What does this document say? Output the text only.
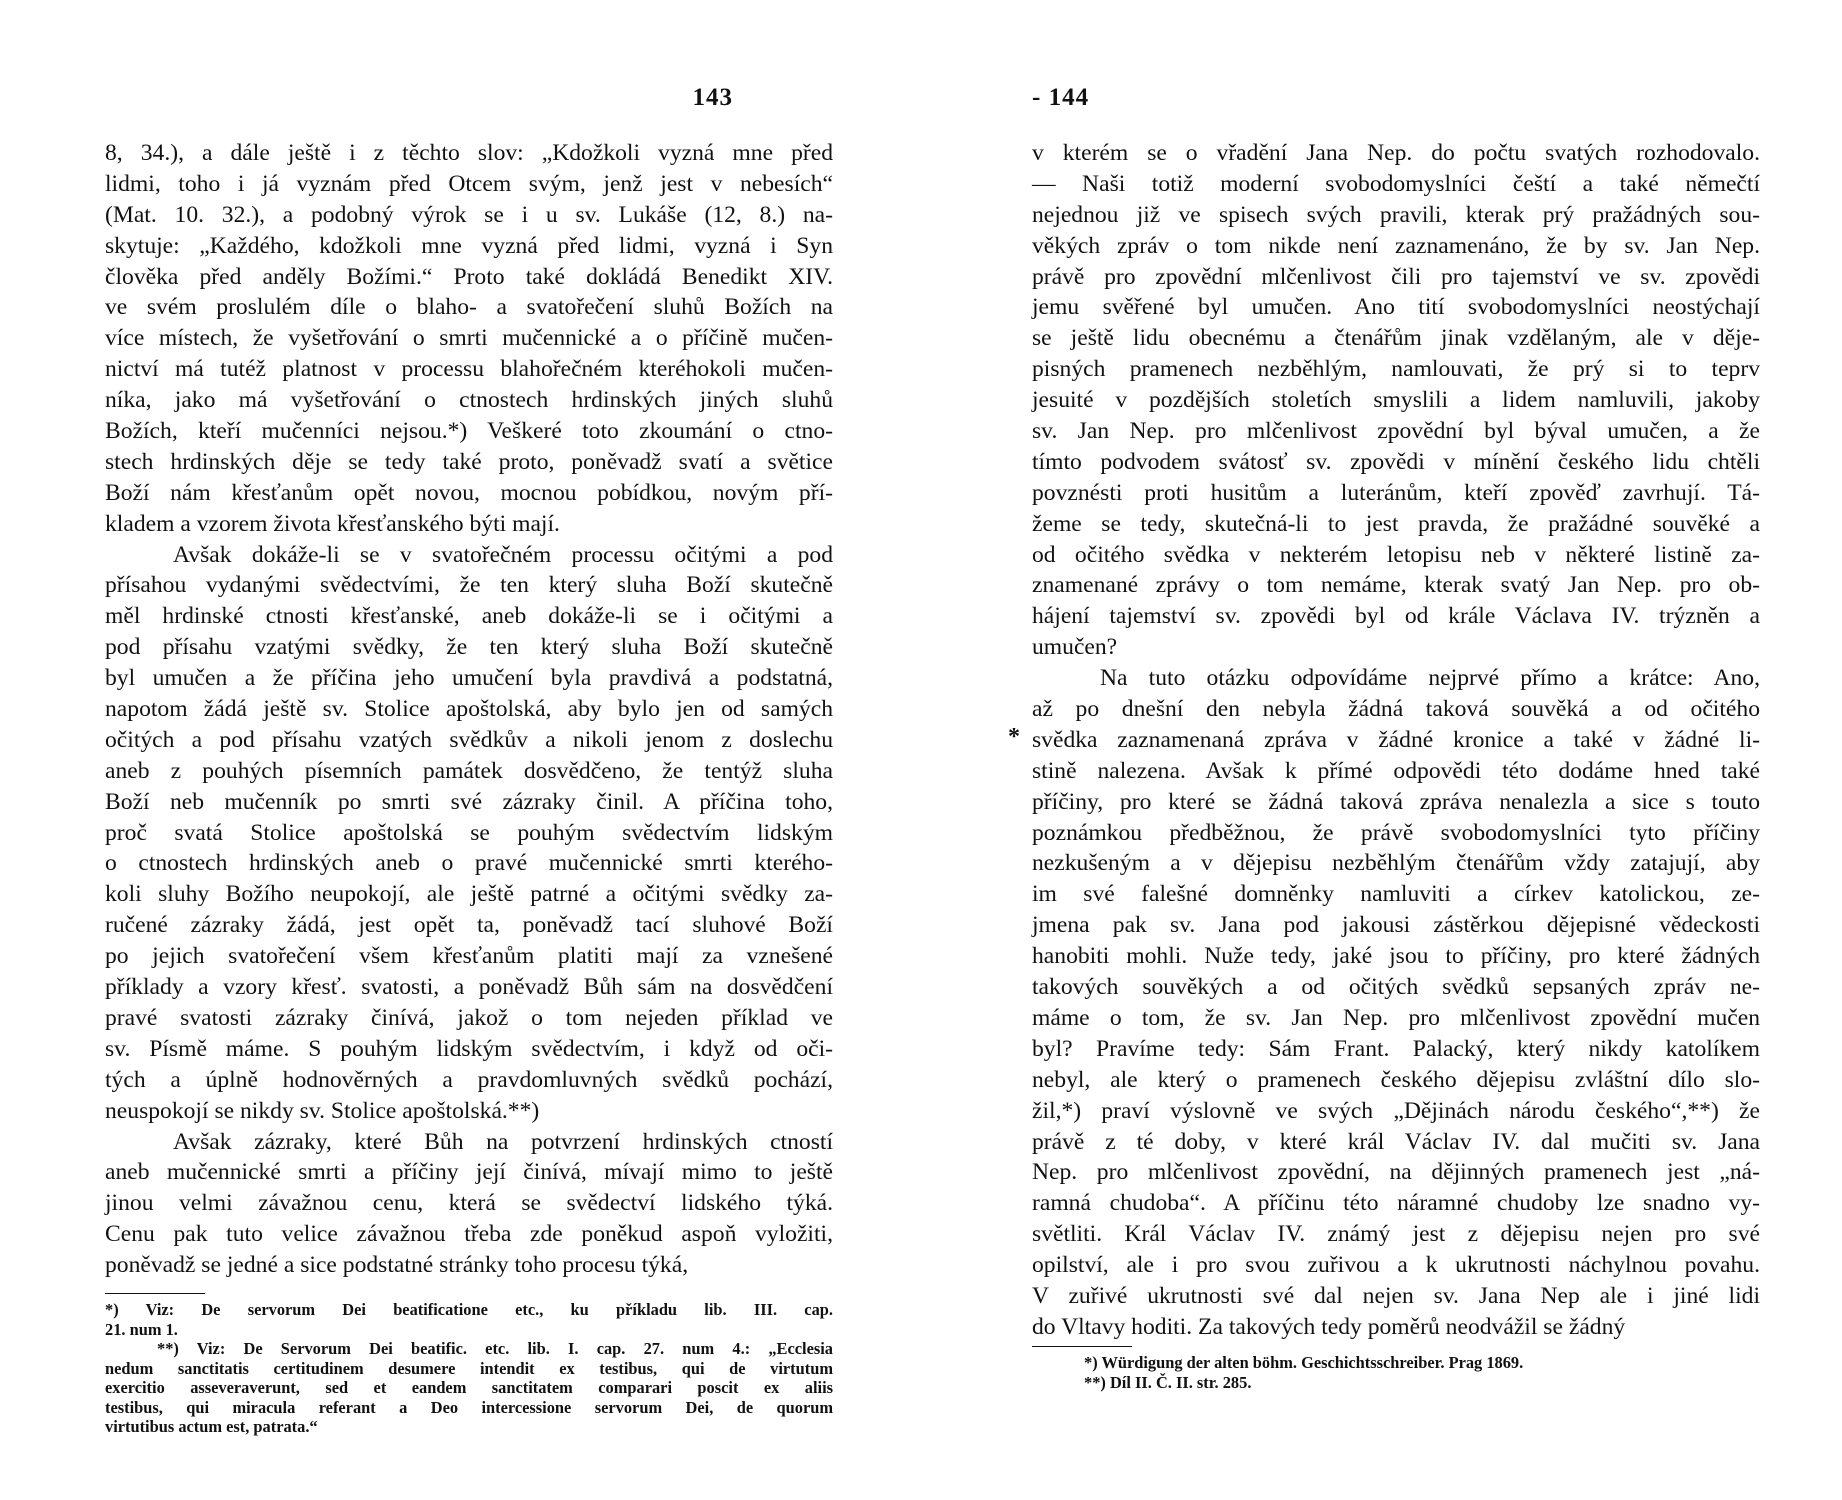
143
8, 34.), a dále ještě i z těchto slov: „Kdožkoli vyzná mne před
lidmi, toho i já vyznám před Otcem svým, jenž jest v nebesích“
(Mat. 10. 32.), a podobný výrok se i u sv. Lukáše (12, 8.) na-
skytuje: „Každého, kdožkoli mne vyzná před lidmi, vyzná i Syn
člověka před anděly Božími.“ Proto také dokládá Benedikt XIV.
ve svém proslulém díle o blaho- a svatořečení sluhů Božích na
více místech, že vyšetřování o smrti mučennické a o příčině mučen-
nictví má tutéž platnost v processu blahořečném kteréhokoli mučen-
níka, jako má vyšetřování o ctnostech hrdinských jiných sluhů
Božích, kteří mučenníci nejsou.*) Veškeré toto zkoumání o ctno-
stech hrdinských děje se tedy také proto, poněvadž svatí a světice
Boží nám křesťanům opět novou, mocnou pobídkou, novým pří-
kladem a vzorem života křesťanského býti mají.
Avšak dokáže-li se v svatořečném processu očitými a pod
přísahou vydanými svědectvími, že ten který sluha Boží skutečně
měl hrdinské ctnosti křesťanské, aneb dokáže-li se i očitými a
pod přísahu vzatými svědky, že ten který sluha Boží skutečně
byl umučen a že příčina jeho umučení byla pravdivá a podstatná,
napotom žádá ještě sv. Stolice apoštolská, aby bylo jen od samých
očitých a pod přísahu vzatých svědkův a nikoli jenom z doslechu
aneb z pouhých písemních památek dosvědčeno, že tentýž sluha
Boží neb mučenník po smrti své zázraky činil. A příčina toho,
proč svatá Stolice apoštolská se pouhým svědectvím lidským
o ctnostech hrdinských aneb o pravé mučennické smrti kterého-
koli sluhy Božího neupokojí, ale ještě patrné a očitými svědky za-
ručené zázraky žádá, jest opět ta, poněvadž tací sluhové Boží
po jejich svatořečení všem křesťanům platiti mají za vznešené
příklady a vzory křesť. svatosti, a poněvadž Bůh sám na dosvědčení
pravé svatosti zázraky činívá, jakož o tom nejeden příklad ve
sv. Písmě máme. S pouhým lidským svědectvím, i když od oči-
tých a úplně hodnověrných a pravdomluvných svědků pochází,
neuspokojí se nikdy sv. Stolice apoštolská.**)
Avšak zázraky, které Bůh na potvrzení hrdinských ctností
aneb mučennické smrti a příčiny její činívá, mívají mimo to ještě
jinou velmi závažnou cenu, která se svědectví lidského týká.
Cenu pak tuto velice závažnou třeba zde poněkud aspoň vyložiti,
poněvadž se jedné a sice podstatné stránky toho procesu týká,
*) Viz: De servorum Dei beatificatione etc., ku příkladu lib. III. cap.
21. num 1.
**) Viz: De Servorum Dei beatific. etc. lib. I. cap. 27. num 4.: „Ecclesia
nedum sanctitatis certitudinem desumere intendit ex testibus, qui de virtutum
exercitio asseveraverunt, sed et eandem sanctitatem comparari poscit ex aliis
testibus, qui miracula referant a Deo intercessione servorum Dei, de quorum
virtutibus actum est, patrata.“
*
- 144
v kterém se o vřadění Jana Nep. do počtu svatých rozhodovalo.
— Naši totiž moderní svobodomyslníci čeští a také němečtí
nejednou již ve spisech svých pravili, kterak prý pražádných sou-
věkých zpráv o tom nikde není zaznamenáno, že by sv. Jan Nep.
právě pro zpovědní mlčenlivost čili pro tajemství ve sv. zpovědi
jemu svěřené byl umučen. Ano tití svobodomyslníci neostýchají
se ještě lidu obecnému a čtenářům jinak vzdělaným, ale v děje-
pisných pramenech nezběhlým, namlouvati, že prý si to teprv
jesuité v pozdějších stoletích smyslili a lidem namluvili, jakoby
sv. Jan Nep. pro mlčenlivost zpovědní byl býval umučen, a že
tímto podvodem svátosť sv. zpovědi v mínění českého lidu chtěli
povznésti proti husitům a luteránům, kteří zpověď zavrhují. Tá-
žeme se tedy, skutečná-li to jest pravda, že pražádné souvěké a
od očitého svědka v nekterém letopisu neb v některé listině za-
znamenané zprávy o tom nemáme, kterak svatý Jan Nep. pro ob-
hájení tajemství sv. zpovědi byl od krále Václava IV. trýzněn a
umučen?
Na tuto otázku odpovídáme nejprvé přímo a krátce: Ano,
až po dnešní den nebyla žádná taková souvěká a od očitého
svědka zaznamenaná zpráva v žádné kronice a také v žádné li-
stině nalezena. Avšak k přímé odpovědi této dodáme hned také
příčiny, pro které se žádná taková zpráva nenalezla a sice s touto
poznámkou předběžnou, že právě svobodomyslníci tyto příčiny
nezkušeným a v dějepisu nezběhlým čtenářům vždy zatajují, aby
im své falešné domněnky namluviti a církev katolickou, ze-
jmena pak sv. Jana pod jakousi zástěrkou dějepisné vědeckosti
hanobiti mohli. Nuže tedy, jaké jsou to příčiny, pro které žádných
takových souvěkých a od očitých svědků sepsaných zpráv ne-
máme o tom, že sv. Jan Nep. pro mlčenlivost zpovědní mučen
byl? Pravíme tedy: Sám Frant. Palacký, který nikdy katolíkem
nebyl, ale který o pramenech českého dějepisu zvláštní dílo slo-
žil,*) praví výslovně ve svých „Dějinách národu českého“,**) že
právě z té doby, v které král Václav IV. dal mučiti sv. Jana
Nep. pro mlčenlivost zpovědní, na dějinných pramenech jest „ná-
ramná chudoba“. A příčinu této náramné chudoby lze snadno vy-
světliti. Král Václav IV. známý jest z dějepisu nejen pro své
opilství, ale i pro svou zuřivou a k ukrutnosti náchylnou povahu.
V zuřivé ukrutnosti své dal nejen sv. Jana Nep ale i jiné lidi
do Vltavy hoditi. Za takových tedy poměrů neodvážil se žádný
*) Würdigung der alten böhm. Geschichtsschreiber. Prag 1869.
**) Díl II. Č. II. str. 285.
